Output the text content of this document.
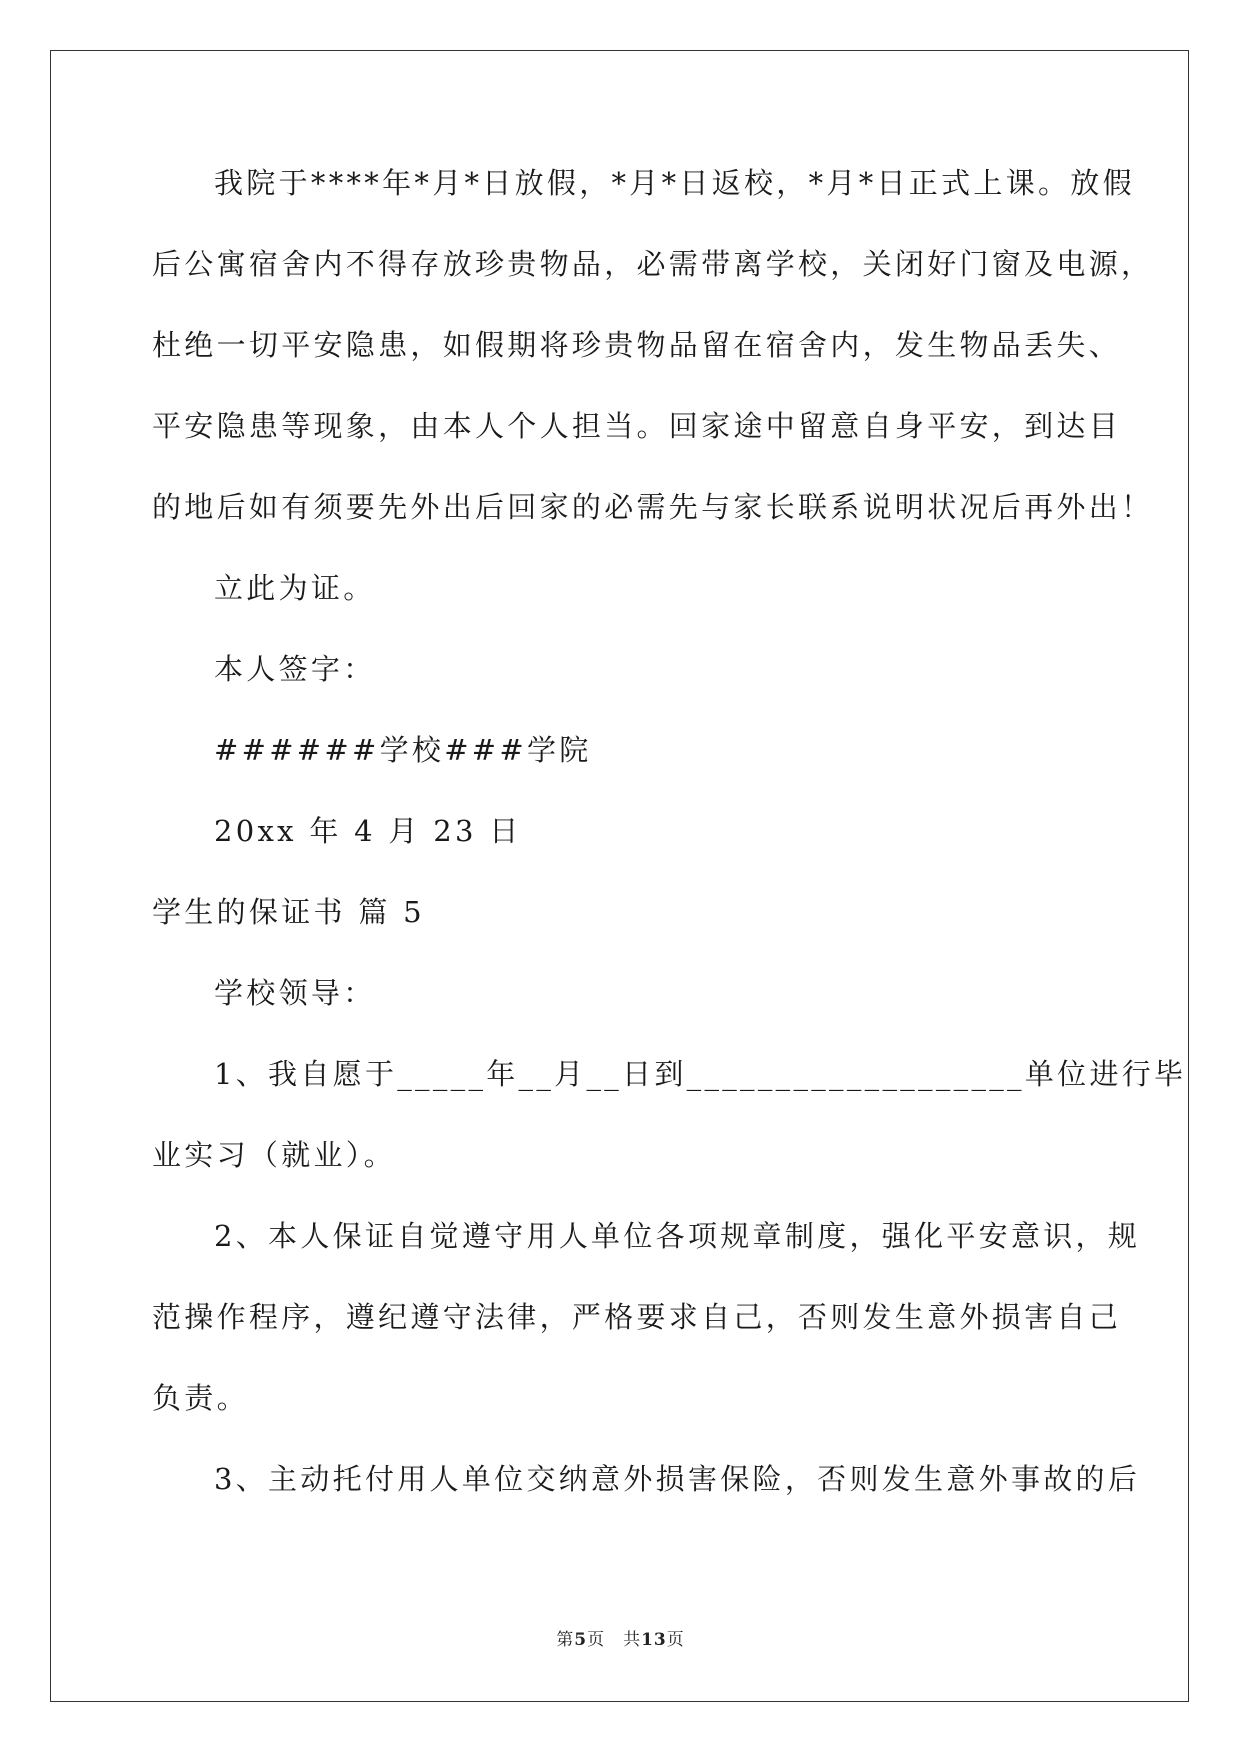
我院于****年*月*日放假，*月*日返校，*月*日正式上课。放假
后公寓宿舍内不得存放珍贵物品，必需带离学校，关闭好门窗及电源，
杜绝一切平安隐患，如假期将珍贵物品留在宿舍内，发生物品丢失、
平安隐患等现象，由本人个人担当。回家途中留意自身平安，到达目
的地后如有须要先外出后回家的必需先与家长联系说明状况后再外出！
立此为证。
本人签字：
######学校###学院
20xx 年 4 月 23 日
学生的保证书 篇 5
学校领导：
1、我自愿于_____年__月__日到___________________单位进行毕
业实习（就业）。
2、本人保证自觉遵守用人单位各项规章制度，强化平安意识，规
范操作程序，遵纪遵守法律，严格要求自己，否则发生意外损害自己
负责。
3、主动托付用人单位交纳意外损害保险，否则发生意外事故的后
第5页 共13页
